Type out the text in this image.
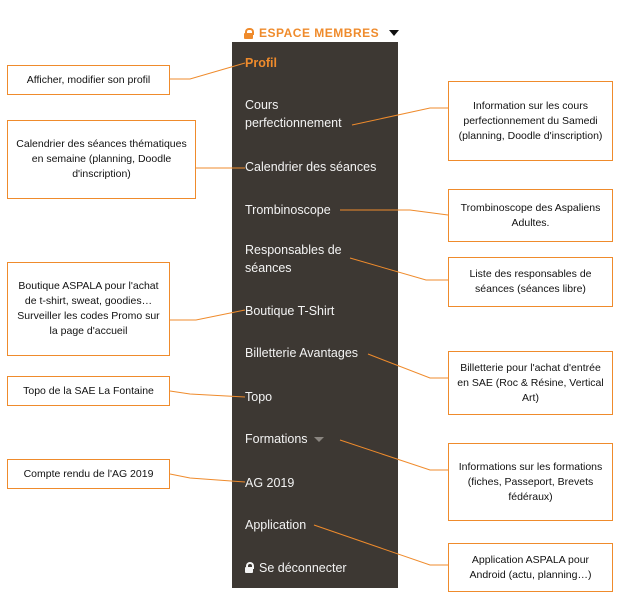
ESPACE MEMBRES
Profil
Cours
perfectionnement
Calendrier des séances
Trombinoscope
Responsables de
séances
Boutique T-Shirt
Billetterie Avantages
Topo
Formations
AG 2019
Application
Se déconnecter
Afficher, modifier son profil
Calendrier des séances thématiques en semaine (planning, Doodle d'inscription)
Boutique ASPALA pour l'achat de t-shirt, sweat, goodies… Surveiller les codes Promo sur la page d'accueil
Topo de la SAE La Fontaine
Compte rendu de l'AG 2019
Information sur les cours perfectionnement du Samedi (planning, Doodle d'inscription)
Trombinoscope des Aspaliens Adultes.
Liste des responsables de séances (séances libre)
Billetterie pour l'achat d'entrée en SAE (Roc & Résine, Vertical Art)
Informations sur les formations (fiches, Passeport, Brevets fédéraux)
Application ASPALA pour Android (actu, planning…)
